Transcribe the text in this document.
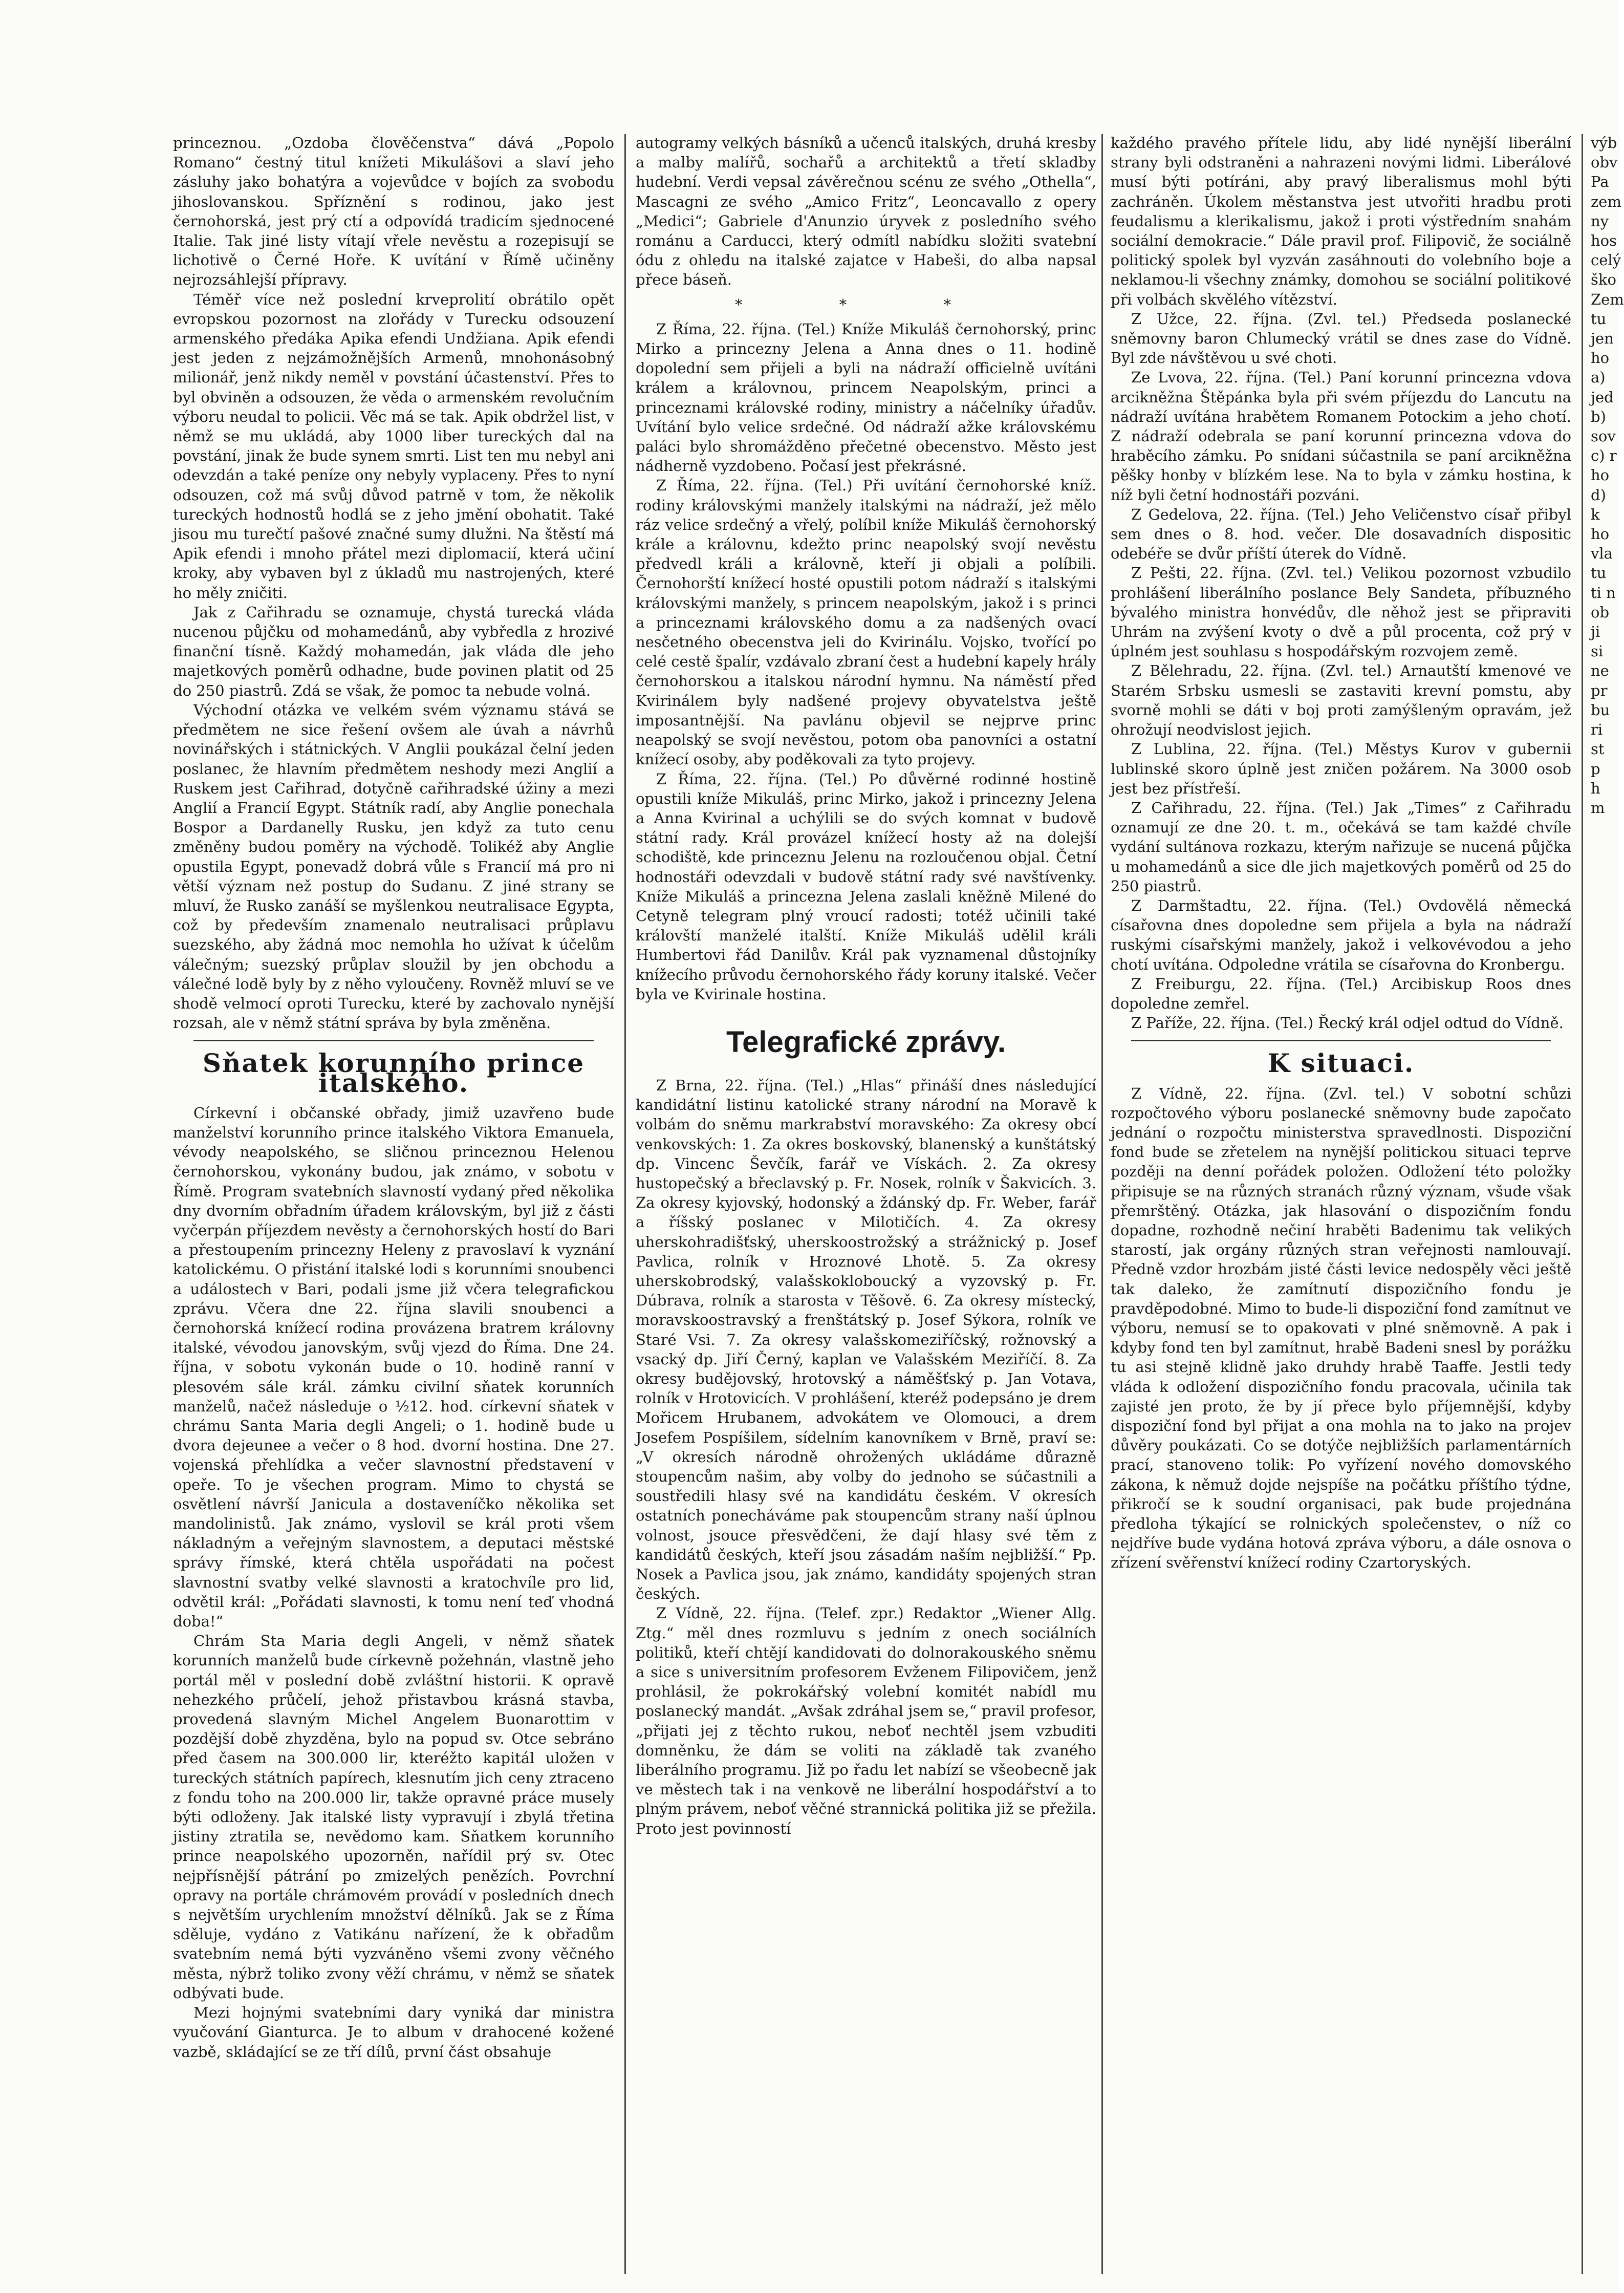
princeznou. „Ozdoba člověčenstva“ dává „Popolo Romano“ čestný titul knížeti Mikulášovi a slaví jeho zásluhy jako bohatýra a vojevůdce v bojích za svobodu jihoslovanskou. Spříznění s rodinou, jako jest černohorská, jest prý ctí a odpovídá tradicím sjednocené Italie. Tak jiné listy vítají vřele nevěstu a rozepisují se lichotivě o Černé Hoře. K uvítání v Římě učiněny nejrozsáhlejší přípravy.

Téměř více než poslední krveprolití obrátilo opět evropskou pozornost na zlořády v Turecku odsouzení armenského předáka Apika efendi Undžiana. Apik efendi jest jeden z nejzámožnějších Armenů, mnohonásobný milionář, jenž nikdy neměl v povstání účastenství. Přes to byl obviněn a odsouzen, že věda o armenském revolučním výboru neudal to policii. Věc má se tak. Apik obdržel list, v němž se mu ukládá, aby 1000 liber tureckých dal na povstání, jinak že bude synem smrti. List ten mu nebyl ani odevzdán a také peníze ony nebyly vyplaceny. Přes to nyní odsouzen, což má svůj důvod patrně v tom, že několik tureckých hodnostů hodlá se z jeho jmění obohatit. Také jisou mu turečtí pašové značné sumy dlužni. Na štěstí má Apik efendi i mnoho přátel mezi diplomacií, která učiní kroky, aby vybaven byl z úkladů mu nastrojených, které ho měly zničiti.

Jak z Cařihradu se oznamuje, chystá turecká vláda nucenou půjčku od mohamedánů, aby vybředla z hrozivé finanční tísně. Každý mohamedán, jak vláda dle jeho majetkových poměrů odhadne, bude povinen platit od 25 do 250 piastrů. Zdá se však, že pomoc ta nebude volná.

Východní otázka ve velkém svém významu stává se předmětem ne sice řešení ovšem ale úvah a návrhů novinářských i státnických. V Anglii poukázal čelní jeden poslanec, že hlavním předmětem neshody mezi Anglií a Ruskem jest Cařihrad, dotyčně cařihradské úžiny a mezi Anglií a Francií Egypt. Státník radí, aby Anglie ponechala Bospor a Dardanelly Rusku, jen když za tuto cenu změněny budou poměry na východě. Tolikéž aby Anglie opustila Egypt, ponevadž dobrá vůle s Francií má pro ni větší význam než postup do Sudanu. Z jiné strany se mluví, že Rusko zanáší se myšlenkou neutralisace Egypta, což by především znamenalo neutralisaci průplavu suezského, aby žádná moc nemohla ho užívat k účelům válečným; suezský průplav sloužil by jen obchodu a válečné lodě byly by z něho vyloučeny. Rovněž mluví se ve shodě velmocí oproti Turecku, které by zachovalo nynější rozsah, ale v němž státní správa by byla změněna.

Sňatek korunního prince italského.

Církevní i občanské obřady, jimiž uzavřeno bude manželství korunního prince italského Viktora Emanuela, vévody neapolského, se sličnou princeznou Helenou černohorskou, vykonány budou, jak známo, v sobotu v Římě. Program svatebních slavností vydaný před několika dny dvorním obřadním úřadem královským, byl již z části vyčerpán příjezdem nevěsty a černohorských hostí do Bari a přestoupením princezny Heleny z pravoslaví k vyznání katolickému. O přistání italské lodi s korunními snoubenci a událostech v Bari, podali jsme již včera telegrafickou zprávu. Včera dne 22. října slavili snoubenci a černohorská knížecí rodina provázena bratrem královny italské, vévodou janovským, svůj vjezd do Říma. Dne 24. října, v sobotu vykonán bude o 10. hodině ranní v plesovém sále král. zámku civilní sňatek korunních manželů, načež následuje o ½12. hod. církevní sňatek v chrámu Santa Maria degli Angeli; o 1. hodině bude u dvora dejeunee a večer o 8 hod. dvorní hostina. Dne 27. vojenská přehlídka a večer slavnostní představení v opeře. To je všechen program. Mimo to chystá se osvětlení návrší Janicula a dostaveníčko několika set mandolinistů. Jak známo, vyslovil se král proti všem nákladným a veřejným slavnostem, a deputaci městské správy římské, která chtěla uspořádati na počest slavnostní svatby velké slavnosti a kratochvíle pro lid, odvětil král: „Pořádati slavnosti, k tomu není teď vhodná doba!“

Chrám Sta Maria degli Angeli, v němž sňatek korunních manželů bude církevně požehnán, vlastně jeho portál měl v poslední době zvláštní historii. K opravě nehezkého průčelí, jehož přistavbou krásná stavba, provedená slavným Michel Angelem Buonarottim v pozdější době zhyzděna, bylo na popud sv. Otce sebráno před časem na 300.000 lir, kteréžto kapitál uložen v tureckých státních papírech, klesnutím jich ceny ztraceno z fondu toho na 200.000 lir, takže opravné práce musely býti odloženy. Jak italské listy vypravují i zbylá třetina jistiny ztratila se, nevědomo kam. Sňatkem korunního prince neapolského upozorněn, nařídil prý sv. Otec nejpřísnější pátrání po zmizelých penězích. Povrchní opravy na portále chrámovém provádí v posledních dnech s největším urychlením množství dělníků. Jak se z Říma sděluje, vydáno z Vatikánu nařízení, že k obřadům svatebním nemá býti vyzváněno všemi zvony věčného města, nýbrž toliko zvony věží chrámu, v němž se sňatek odbývati bude.

Mezi hojnými svatebními dary vyniká dar ministra vyučování Gianturca. Je to album v drahocené kožené vazbě, skládající se ze tří dílů, první část obsahuje

autogramy velkých básníků a učenců italských, druhá kresby a malby malířů, sochařů a architektů a třetí skladby hudební. Verdi vepsal závěrečnou scénu ze svého „Othella“, Mascagni ze svého „Amico Fritz“, Leoncavallo z opery „Medici“; Gabriele d'Anunzio úryvek z posledního svého románu a Carducci, který odmítl nabídku složiti svatební ódu z ohledu na italské zajatce v Habeši, do alba napsal přece báseň.

* * *

Z Říma, 22. října. (Tel.) Kníže Mikuláš černohorský, princ Mirko a princezny Jelena a Anna dnes o 11. hodině dopolední sem přijeli a byli na nádraží officielně uvítáni králem a královnou, princem Neapolským, princi a princeznami královské rodiny, ministry a náčelníky úřadův. Uvítání bylo velice srdečné. Od nádraží ažke královskému paláci bylo shromážděno přečetné obecenstvo. Město jest nádherně vyzdobeno. Počasí jest překrásné.

Z Říma, 22. října. (Tel.) Při uvítání černohorské kníž. rodiny královskými manžely italskými na nádraží, jež mělo ráz velice srdečný a vřelý, políbil kníže Mikuláš černohorský krále a královnu, kdežto princ neapolský svojí nevěstu předvedl králi a královně, kteří ji objali a políbili. Černohorští knížecí hosté opustili potom nádraží s italskými královskými manžely, s princem neapolským, jakož i s princi a princeznami královského domu a za nadšených ovací nesčetného obecenstva jeli do Kvirinálu. Vojsko, tvořící po celé cestě špalír, vzdávalo zbraní čest a hudební kapely hrály černohorskou a italskou národní hymnu. Na náměstí před Kvirinálem byly nadšené projevy obyvatelstva ještě imposantnější. Na pavlánu objevil se nejprve princ neapolský se svojí nevěstou, potom oba panovníci a ostatní knížecí osoby, aby poděkovali za tyto projevy.

Z Říma, 22. října. (Tel.) Po důvěrné rodinné hostině opustili kníže Mikuláš, princ Mirko, jakož i princezny Jelena a Anna Kvirinal a uchýlili se do svých komnat v budově státní rady. Král provázel knížecí hosty až na dolejší schodiště, kde princeznu Jelenu na rozloučenou objal. Četní hodnostáři odevzdali v budově státní rady své navštívenky. Kníže Mikuláš a princezna Jelena zaslali kněžně Milené do Cetyně telegram plný vroucí radosti; totéž učinili také královští manželé italští. Kníže Mikuláš udělil králi Humbertovi řád Danilův. Král pak vyznamenal důstojníky knížecího průvodu černohorského řády koruny italské. Večer byla ve Kvirinale hostina.

Telegrafické zprávy.

Z Brna, 22. října. (Tel.) „Hlas“ přináší dnes následující kandidátní listinu katolické strany národní na Moravě k volbám do sněmu markrabství moravského: Za okresy obcí venkovských: 1. Za okres boskovský, blanenský a kunštátský dp. Vincenc Ševčík, farář ve Vískách. 2. Za okresy hustopečský a břeclavský p. Fr. Nosek, rolník v Šakvicích. 3. Za okresy kyjovský, hodonský a ždánský dp. Fr. Weber, farář a říšský poslanec v Milotičích. 4. Za okresy uherskohradišťský, uherskoostrožský a strážnický p. Josef Pavlica, rolník v Hroznové Lhotě. 5. Za okresy uherskobrodský, valašskokloboucký a vyzovský p. Fr. Dúbrava, rolník a starosta v Těšově. 6. Za okresy místecký, moravskoostravský a frenštátský p. Josef Sýkora, rolník ve Staré Vsi. 7. Za okresy valašskomeziříčský, rožnovský a vsacký dp. Jiří Černý, kaplan ve Valašském Meziříčí. 8. Za okresy budějovský, hrotovský a náměšťský p. Jan Votava, rolník v Hrotovicích. V prohlášení, kteréž podepsáno je drem Mořicem Hrubanem, advokátem ve Olomouci, a drem Josefem Pospíšilem, sídelním kanovníkem v Brně, praví se: „V okresích národně ohrožených ukládáme důrazně stoupencům našim, aby volby do jednoho se súčastnili a soustředili hlasy své na kandidátu českém. V okresích ostatních ponecháváme pak stoupencům strany naší úplnou volnost, jsouce přesvědčeni, že dají hlasy své těm z kandidátů českých, kteří jsou zásadám naším nejbližší.“ Pp. Nosek a Pavlica jsou, jak známo, kandidáty spojených stran českých.

Z Vídně, 22. října. (Telef. zpr.) Redaktor „Wiener Allg. Ztg.“ měl dnes rozmluvu s jedním z onech sociálních politiků, kteří chtějí kandidovati do dolnorakouského sněmu a sice s universitním profesorem Evženem Filipovičem, jenž prohlásil, že pokrokářský volební komitét nabídl mu poslanecký mandát. „Avšak zdráhal jsem se,“ pravil profesor, „přijati jej z těchto rukou, neboť nechtěl jsem vzbuditi domněnku, že dám se voliti na základě tak zvaného liberálního programu. Již po řadu let nabízí se všeobecně jak ve městech tak i na venkově ne liberální hospodářství a to plným právem, neboť věčné strannická politika již se přežila. Proto jest povinností

každého pravého přítele lidu, aby lidé nynější liberální strany byli odstraněni a nahrazeni novými lidmi. Liberálové musí býti potíráni, aby pravý liberalismus mohl býti zachráněn. Úkolem městanstva jest utvořiti hradbu proti feudalismu a klerikalismu, jakož i proti výstředním snahám sociální demokracie.“ Dále pravil prof. Filipovič, že sociálně politický spolek byl vyzván zasáhnouti do volebního boje a neklamou-li všechny známky, domohou se sociální politikové při volbách skvělého vítězství.

Z Užce, 22. října. (Zvl. tel.) Předseda poslanecké sněmovny baron Chlumecký vrátil se dnes zase do Vídně. Byl zde návštěvou u své choti.

Ze Lvova, 22. října. (Tel.) Paní korunní princezna vdova arcikněžna Štěpánka byla při svém příjezdu do Lancutu na nádraží uvítána hrabětem Romanem Potockim a jeho chotí. Z nádraží odebrala se paní korunní princezna vdova do hraběcího zámku. Po snídani súčastnila se paní arcikněžna pěšky honby v blízkém lese. Na to byla v zámku hostina, k níž byli četní hodnostáři pozváni.

Z Gedelova, 22. října. (Tel.) Jeho Veličenstvo císař přibyl sem dnes o 8. hod. večer. Dle dosavadních dispositic odebéře se dvůr příští úterek do Vídně.

Z Pešti, 22. října. (Zvl. tel.) Velikou pozornost vzbudilo prohlášení liberálního poslance Bely Sandeta, příbuzného bývalého ministra honvédův, dle něhož jest se připraviti Uhrám na zvýšení kvoty o dvě a půl procenta, což prý v úplném jest souhlasu s hospodářským rozvojem země.

Z Bělehradu, 22. října. (Zvl. tel.) Arnautští kmenové ve Starém Srbsku usmesli se zastaviti krevní pomstu, aby svorně mohli se dáti v boj proti zamýšleným opravám, jež ohrožují neodvislost jejich.

Z Lublina, 22. října. (Tel.) Městys Kurov v gubernii lublinské skoro úplně jest zničen požárem. Na 3000 osob jest bez přístřeší.

Z Cařihradu, 22. října. (Tel.) Jak „Times“ z Cařihradu oznamují ze dne 20. t. m., očekává se tam každé chvíle vydání sultánova rozkazu, kterým nařizuje se nucená půjčka u mohamedánů a sice dle jich majetkových poměrů od 25 do 250 piastrů.

Z Darmštadtu, 22. října. (Tel.) Ovdovělá německá císařovna dnes dopoledne sem přijela a byla na nádraží ruskými císařskými manžely, jakož i velkovévodou a jeho chotí uvítána. Odpoledne vrátila se císařovna do Kronbergu.

Z Freiburgu, 22. října. (Tel.) Arcibiskup Roos dnes dopoledne zemřel.

Z Paříže, 22. října. (Tel.) Řecký král odjel odtud do Vídně.

K situaci.

Z Vídně, 22. října. (Zvl. tel.) V sobotní schůzi rozpočtového výboru poslanecké sněmovny bude započato jednání o rozpočtu ministerstva spravedlnosti. Dispoziční fond bude se zřetelem na nynější politickou situaci teprve později na denní pořádek položen. Odložení této položky připisuje se na různých stranách různý význam, všude však přemrštěný. Otázka, jak hlasování o dispozičním fondu dopadne, rozhodně nečiní hraběti Badenimu tak velikých starostí, jak orgány různých stran veřejnosti namlouvají. Předně vzdor hrozbám jisté části levice nedospěly věci ještě tak daleko, že zamítnutí dispozičního fondu je pravděpodobné. Mimo to bude-li dispoziční fond zamítnut ve výboru, nemusí se to opakovati v plné sněmovně. A pak i kdyby fond ten byl zamítnut, hrabě Badeni snesl by porážku tu asi stejně klidně jako druhdy hrabě Taaffe. Jestli tedy vláda k odložení dispozičního fondu pracovala, učinila tak zajisté jen proto, že by jí přece bylo příjemnější, kdyby dispoziční fond byl přijat a ona mohla na to jako na projev důvěry poukázati. Co se dotýče nejbližších parlamentárních prací, stanoveno tolik: Po vyřízení nového domovského zákona, k němuž dojde nejspíše na počátku příštího týdne, přikročí se k soudní organisaci, pak bude projednána předloha týkající se rolnických společenstev, o níž co nejdříve bude vydána hotová zpráva výboru, a dále osnova o zřízení svěřenství knížecí rodiny Czartoryských.

výb
obv
Pa
zem
ny
hos
celý
ško
Zem
tu
jen
ho
a)
jed
b)
sov
c) r
ho
d) k
ho
vla
tu
ti n
ob
ji
si
ne
pr
bu
ri
st
p
h
m
